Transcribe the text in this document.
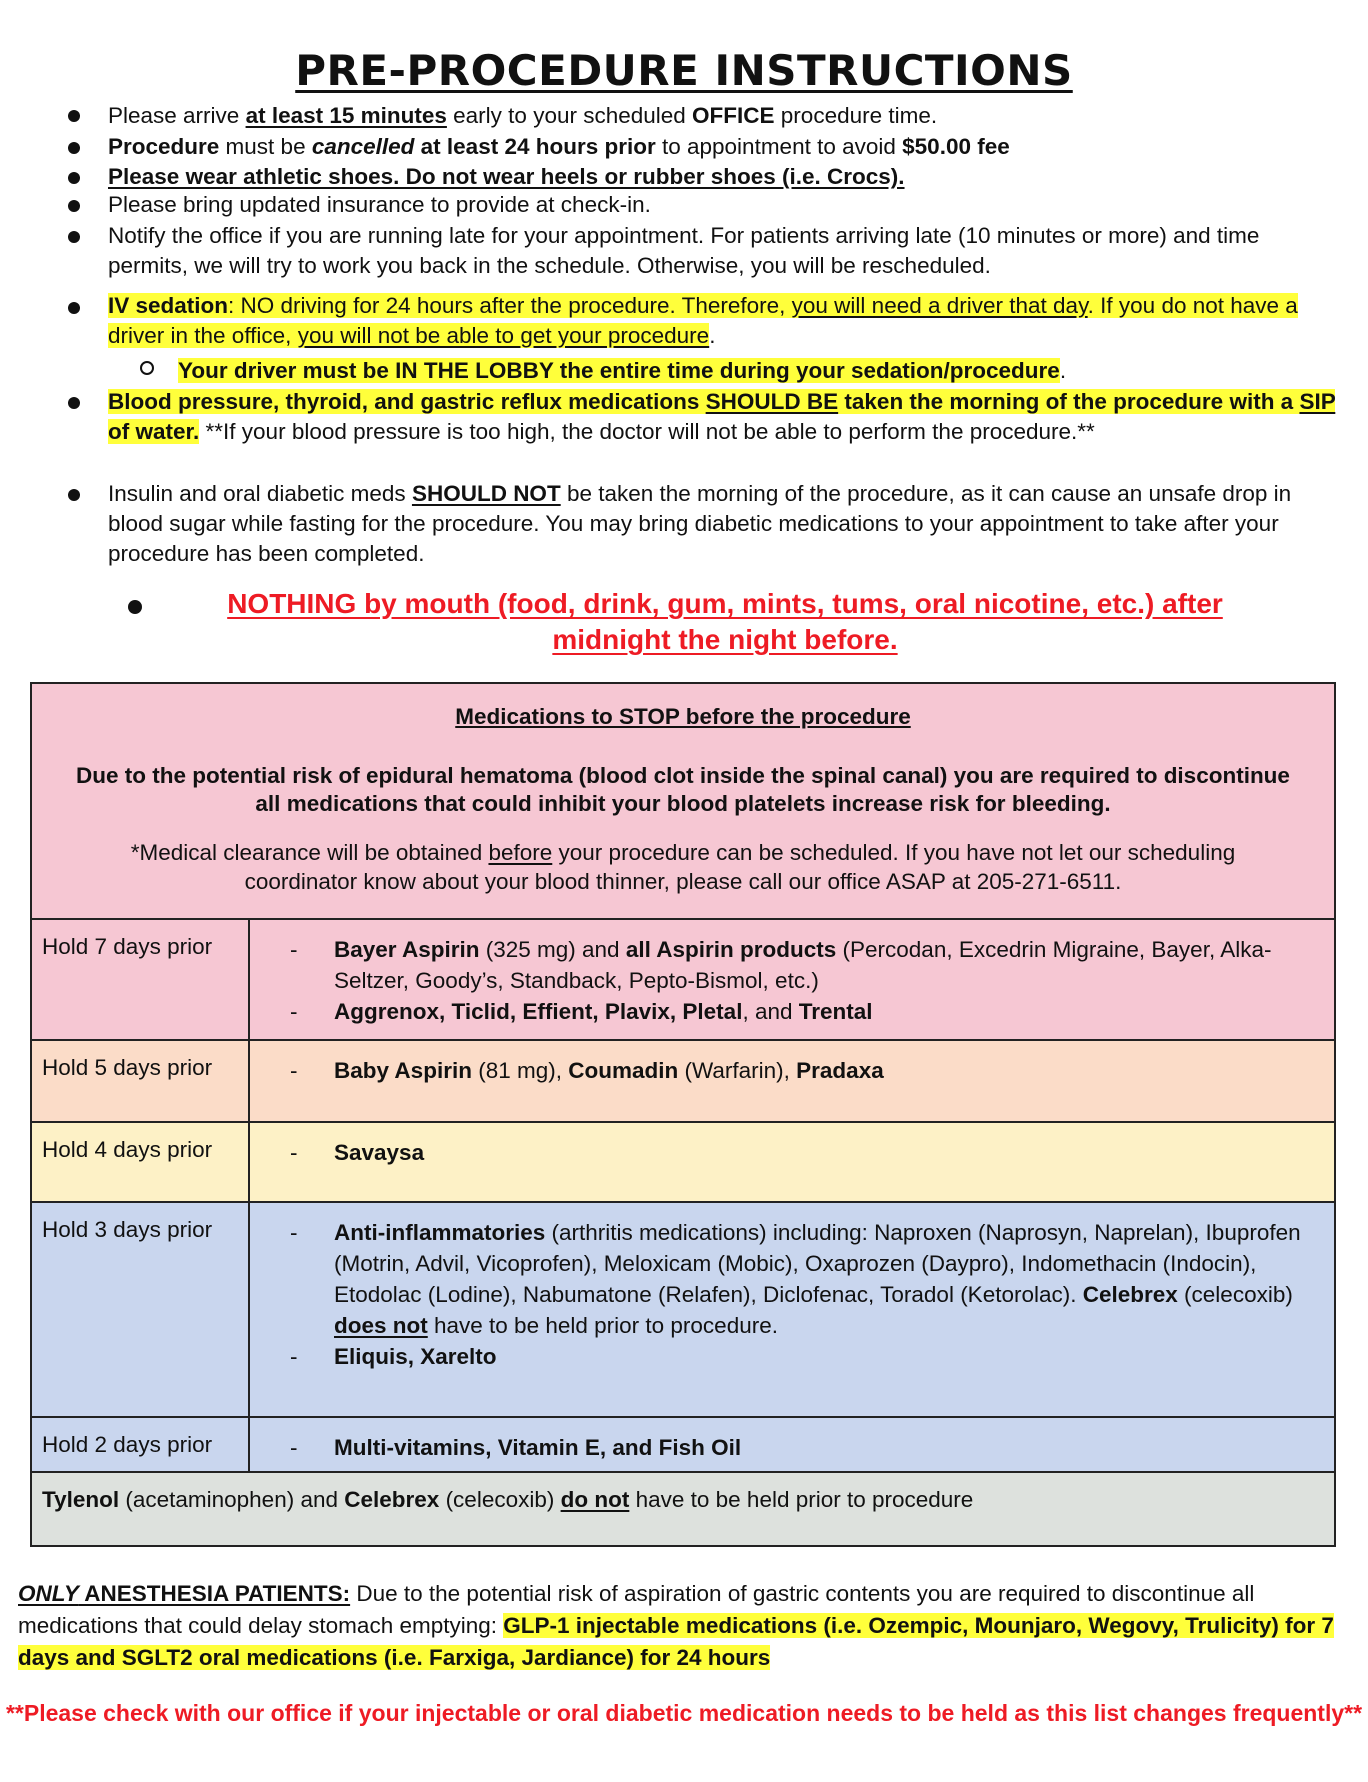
PRE-PROCEDURE INSTRUCTIONS
Please arrive at least 15 minutes early to your scheduled OFFICE procedure time.
Procedure must be cancelled at least 24 hours prior to appointment to avoid $50.00 fee
Please wear athletic shoes. Do not wear heels or rubber shoes (i.e. Crocs).
Please bring updated insurance to provide at check-in.
Notify the office if you are running late for your appointment. For patients arriving late (10 minutes or more) and time permits, we will try to work you back in the schedule. Otherwise, you will be rescheduled.
IV sedation: NO driving for 24 hours after the procedure. Therefore, you will need a driver that day. If you do not have a driver in the office, you will not be able to get your procedure.
Your driver must be IN THE LOBBY the entire time during your sedation/procedure.
Blood pressure, thyroid, and gastric reflux medications SHOULD BE taken the morning of the procedure with a SIP of water. **If your blood pressure is too high, the doctor will not be able to perform the procedure.**
Insulin and oral diabetic meds SHOULD NOT be taken the morning of the procedure, as it can cause an unsafe drop in blood sugar while fasting for the procedure. You may bring diabetic medications to your appointment to take after your procedure has been completed.
NOTHING by mouth (food, drink, gum, mints, tums, oral nicotine, etc.) after
midnight the night before.
Medications to STOP before the procedure
Due to the potential risk of epidural hematoma (blood clot inside the spinal canal) you are required to discontinue all medications that could inhibit your blood platelets increase risk for bleeding.
*Medical clearance will be obtained before your procedure can be scheduled. If you have not let our scheduling coordinator know about your blood thinner, please call our office ASAP at 205-271-6511.	

Hold 7 days prior	- Bayer Aspirin (325 mg) and all Aspirin products (Percodan, Excedrin Migraine, Bayer, Alka-Seltzer, Goody’s, Standback, Pepto-Bismol, etc.)
- Aggrenox, Ticlid, Effient, Plavix, Pletal, and Trental

Hold 5 days prior	- Baby Aspirin (81 mg), Coumadin (Warfarin), Pradaxa

Hold 4 days prior	- Savaysa

Hold 3 days prior	- Anti-inflammatories (arthritis medications) including: Naproxen (Naprosyn, Naprelan), Ibuprofen (Motrin, Advil, Vicoprofen), Meloxicam (Mobic), Oxaprozen (Daypro), Indomethacin (Indocin), Etodolac (Lodine), Nabumatone (Relafen), Diclofenac, Toradol (Ketorolac). Celebrex (celecoxib) does not have to be held prior to procedure.
- Eliquis, Xarelto

Hold 2 days prior	- Multi-vitamins, Vitamin E, and Fish Oil

Tylenol (acetaminophen) and Celebrex (celecoxib) do not have to be held prior to procedure	
ONLY ANESTHESIA PATIENTS: Due to the potential risk of aspiration of gastric contents you are required to discontinue all medications that could delay stomach emptying: GLP-1 injectable medications (i.e. Ozempic, Mounjaro, Wegovy, Trulicity) for 7 days and SGLT2 oral medications (i.e. Farxiga, Jardiance) for 24 hours
**Please check with our office if your injectable or oral diabetic medication needs to be held as this list changes frequently**
